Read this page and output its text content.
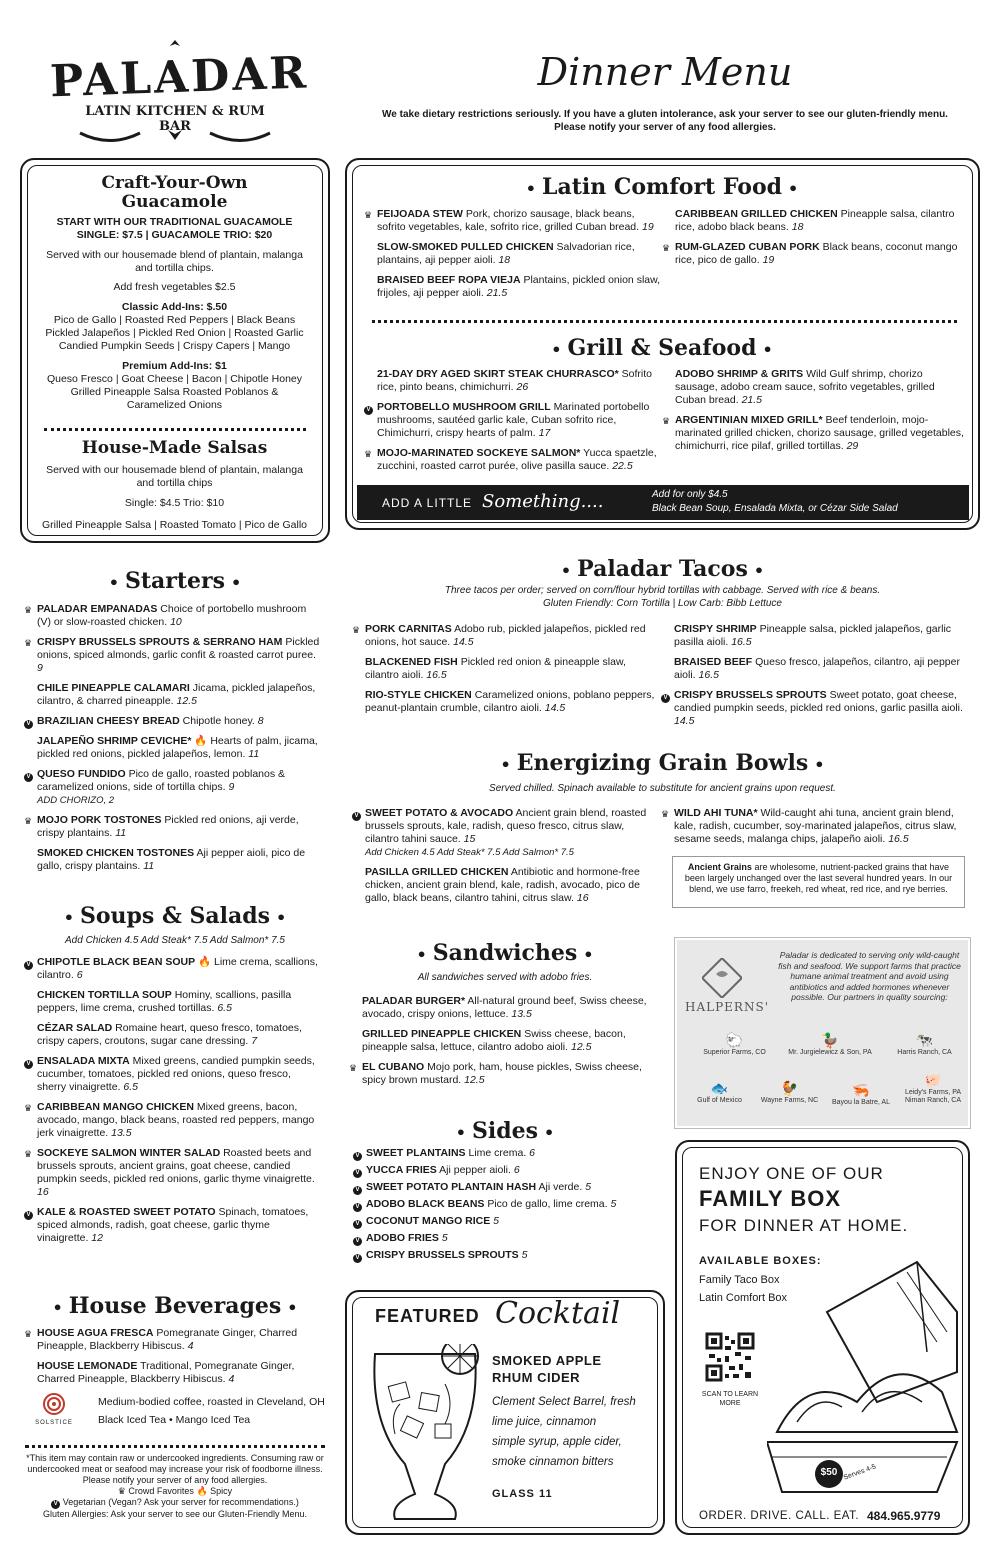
PALADAR
LATIN KITCHEN & RUM BAR
Dinner Menu
We take dietary restrictions seriously. If you have a gluten intolerance, ask your server to see our gluten-friendly menu.
Please notify your server of any food allergies.
Craft-Your-Own
Guacamole
START WITH OUR TRADITIONAL GUACAMOLE
SINGLE: $7.5 | GUACAMOLE TRIO: $20
Served with our housemade blend of plantain, malanga and tortilla chips.
Add fresh vegetables $2.5
Classic Add-Ins: $.50
Pico de Gallo | Roasted Red Peppers | Black Beans Pickled Jalapeños | Pickled Red Onion | Roasted Garlic Candied Pumpkin Seeds | Crispy Capers | Mango
Premium Add-Ins: $1
Queso Fresco | Goat Cheese | Bacon | Chipotle Honey Grilled Pineapple Salsa Roasted Poblanos & Caramelized Onions
House-Made Salsas
Served with our housemade blend of plantain, malanga and tortilla chips
Single: $4.5 Trio: $10
Grilled Pineapple Salsa | Roasted Tomato | Pico de Gallo
• Latin Comfort Food •
♛ FEIJOADA STEW Pork, chorizo sausage, black beans, sofrito vegetables, kale, sofrito rice, grilled Cuban bread. 19
SLOW-SMOKED PULLED CHICKEN Salvadorian rice, plantains, aji pepper aioli. 18
BRAISED BEEF ROPA VIEJA Plantains, pickled onion slaw, frijoles, aji pepper aioli. 21.5
CARIBBEAN GRILLED CHICKEN Pineapple salsa, cilantro rice, adobo black beans. 18
♛ RUM-GLAZED CUBAN PORK Black beans, coconut mango rice, pico de gallo. 19
• Grill & Seafood •
21-DAY DRY AGED SKIRT STEAK CHURRASCO* Sofrito rice, pinto beans, chimichurri. 26
V PORTOBELLO MUSHROOM GRILL Marinated portobello mushrooms, sautéed garlic kale, Cuban sofrito rice, Chimichurri, crispy hearts of palm. 17
♛ MOJO-MARINATED SOCKEYE SALMON* Yucca spaetzle, zucchini, roasted carrot purée, olive pasilla sauce. 22.5
ADOBO SHRIMP & GRITS Wild Gulf shrimp, chorizo sausage, adobo cream sauce, sofrito vegetables, grilled Cuban bread. 21.5
♛ ARGENTINIAN MIXED GRILL* Beef tenderloin, mojo-marinated grilled chicken, chorizo sausage, grilled vegetables, chimichurri, rice pilaf, grilled tortillas. 29
ADD A LITTLE Something....	Add for only $4.5
Black Bean Soup, Ensalada Mixta, or Cézar Side Salad
• Starters •
♛ PALADAR EMPANADAS Choice of portobello mushroom (V) or slow-roasted chicken. 10
♛ CRISPY BRUSSELS SPROUTS & SERRANO HAM Pickled onions, spiced almonds, garlic confit & roasted carrot puree. 9
CHILE PINEAPPLE CALAMARI Jicama, pickled jalapeños, cilantro, & charred pineapple. 12.5
V BRAZILIAN CHEESY BREAD Chipotle honey. 8
JALAPEÑO SHRIMP CEVICHE* 🔥 Hearts of palm, jicama, pickled red onions, pickled jalapeños, lemon. 11
V QUESO FUNDIDO Pico de gallo, roasted poblanos & caramelized onions, side of tortilla chips. 9
ADD CHORIZO, 2
♛ MOJO PORK TOSTONES Pickled red onions, aji verde, crispy plantains. 11
SMOKED CHICKEN TOSTONES Aji pepper aioli, pico de gallo, crispy plantains. 11
• Soups & Salads •
Add Chicken 4.5 Add Steak* 7.5 Add Salmon* 7.5
V CHIPOTLE BLACK BEAN SOUP 🔥 Lime crema, scallions, cilantro. 6
CHICKEN TORTILLA SOUP Hominy, scallions, pasilla peppers, lime crema, crushed tortillas. 6.5
CÉZAR SALAD Romaine heart, queso fresco, tomatoes, crispy capers, croutons, sugar cane dressing. 7
V ENSALADA MIXTA Mixed greens, candied pumpkin seeds, cucumber, tomatoes, pickled red onions, queso fresco, sherry vinaigrette. 6.5
♛ CARIBBEAN MANGO CHICKEN Mixed greens, bacon, avocado, mango, black beans, roasted red peppers, mango jerk vinaigrette. 13.5
♛ SOCKEYE SALMON WINTER SALAD Roasted beets and brussels sprouts, ancient grains, goat cheese, candied pumpkin seeds, pickled red onions, garlic thyme vinaigrette. 16
V KALE & ROASTED SWEET POTATO Spinach, tomatoes, spiced almonds, radish, goat cheese, garlic thyme vinaigrette. 12
• House Beverages •
♛ HOUSE AGUA FRESCA Pomegranate Ginger, Charred Pineapple, Blackberry Hibiscus. 4
HOUSE LEMONADE Traditional, Pomegranate Ginger, Charred Pineapple, Blackberry Hibiscus. 4
SOLSTICE
Medium-bodied coffee, roasted in Cleveland, OH
Black Iced Tea • Mango Iced Tea
*This item may contain raw or undercooked ingredients. Consuming raw or undercooked meat or seafood may increase your risk of foodborne illness. Please notify your server of any food allergies.
♛ Crowd Favorites 🔥 Spicy
V Vegetarian (Vegan? Ask your server for recommendations.)
Gluten Allergies: Ask your server to see our Gluten-Friendly Menu.
• Paladar Tacos •
Three tacos per order; served on corn/flour hybrid tortillas with cabbage. Served with rice & beans.
Gluten Friendly: Corn Tortilla | Low Carb: Bibb Lettuce
♛ PORK CARNITAS Adobo rub, pickled jalapeños, pickled red onions, hot sauce. 14.5
BLACKENED FISH Pickled red onion & pineapple slaw, cilantro aioli. 16.5
RIO-STYLE CHICKEN Caramelized onions, poblano peppers, peanut-plantain crumble, cilantro aioli. 14.5
CRISPY SHRIMP Pineapple salsa, pickled jalapeños, garlic pasilla aioli. 16.5
BRAISED BEEF Queso fresco, jalapeños, cilantro, aji pepper aioli. 16.5
V CRISPY BRUSSELS SPROUTS Sweet potato, goat cheese, candied pumpkin seeds, pickled red onions, garlic pasilla aioli. 14.5
• Energizing Grain Bowls •
Served chilled. Spinach available to substitute for ancient grains upon request.
V SWEET POTATO & AVOCADO Ancient grain blend, roasted brussels sprouts, kale, radish, queso fresco, citrus slaw, cilantro tahini sauce. 15
Add Chicken 4.5 Add Steak* 7.5 Add Salmon* 7.5
PASILLA GRILLED CHICKEN Antibiotic and hormone-free chicken, ancient grain blend, kale, radish, avocado, pico de gallo, black beans, cilantro tahini, citrus slaw. 16
♛ WILD AHI TUNA* Wild-caught ahi tuna, ancient grain blend, kale, radish, cucumber, soy-marinated jalapeños, citrus slaw, sesame seeds, malanga chips, jalapeño aioli. 16.5
Ancient Grains are wholesome, nutrient-packed grains that have been largely unchanged over the last several hundred years. In our blend, we use farro, freekeh, red wheat, red rice, and rye berries.
• Sandwiches •
All sandwiches served with adobo fries.
PALADAR BURGER* All-natural ground beef, Swiss cheese, avocado, crispy onions, lettuce. 13.5
GRILLED PINEAPPLE CHICKEN Swiss cheese, bacon, pineapple salsa, lettuce, cilantro adobo aioli. 12.5
♛ EL CUBANO Mojo pork, ham, house pickles, Swiss cheese, spicy brown mustard. 12.5
• Sides •
V SWEET PLANTAINS Lime crema. 6
V YUCCA FRIES Aji pepper aioli. 6
V SWEET POTATO PLANTAIN HASH Aji verde. 5
V ADOBO BLACK BEANS Pico de gallo, lime crema. 5
V COCONUT MANGO RICE 5
V ADOBO FRIES 5
V CRISPY BRUSSELS SPROUTS 5
HALPERNS'
Paladar is dedicated to serving only wild-caught fish and seafood. We support farms that practice humane animal treatment and avoid using antibiotics and added hormones whenever possible. Our partners in quality sourcing:
🐑
Superior Farms, CO
🦆
Mr. Jurgielewicz & Son, PA
🐄
Harris Ranch, CA
🐟
Gulf of Mexico
🐓
Wayne Farms, NC
🦐
Bayou la Batre, AL
🐖
Leidy's Farms, PA Niman Ranch, CA
FEATURED Cocktail
SMOKED APPLE
RHUM CIDER
Clement Select Barrel, fresh
lime juice, cinnamon
simple syrup, apple cider,
smoke cinnamon bitters
GLASS 11
ENJOY ONE OF OUR
FAMILY BOX
FOR DINNER AT HOME.
AVAILABLE BOXES:
Family Taco Box
Latin Comfort Box
SCAN TO LEARN MORE
$50 Serves 4-5
ORDER. DRIVE. CALL. EAT. 484.965.9779
